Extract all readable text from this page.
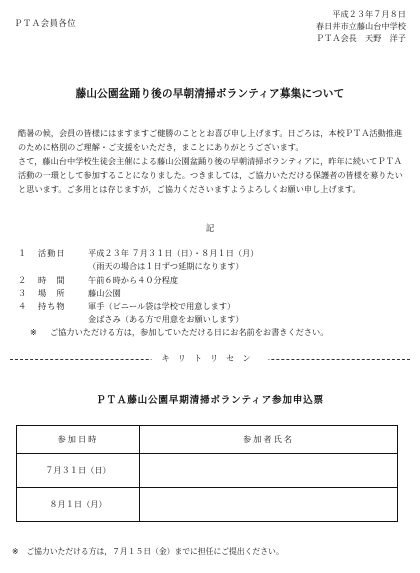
ＰＴＡ会員各位
平成２３年７月８日
春日井市立藤山台中学校
ＰＴＡ会長　天野　洋子
藤山公園盆踊り後の早朝清掃ボランティア募集について

酷暑の候，会員の皆様にはますますご健勝のこととお喜び申し上げます。日ごろは，本校ＰＴＡ活動推進のために格別のご理解・ご支援をいただき，まことにありがとうございます。

さて，藤山台中学校生徒会主催による藤山公園盆踊り後の早朝清掃ボランティアに，昨年に続いてＰＴＡ活動の一環として参加することになりました。つきましては，ご協力いただける保護者の皆様を募りたいと思います。ご多用とは存じますが，ご協力くださいますようよろしくお願い申し上げます。

記
１ 活動日	平成２３年 ７月３１日（日）・８月１日（月）
（雨天の場合は１日ずつ延期になります）
２ 時　間	午前６時から４０分程度
３ 場　所	藤山公園
４ 持ち物	軍手（ビニール袋は学校で用意します）
金ばさみ（ある方で用意をお願いします）
※ ご協力いただける方は，参加していただける日にお名前をお書きください。
キリトリセン
ＰＴＡ藤山公園早期清掃ボランティア参加申込票
参加日時	参加者氏名
７月３１日（日）	
８月１日（月）	
※　ご協力いただける方は，７月１５日（金）までに担任にご提出ください。
